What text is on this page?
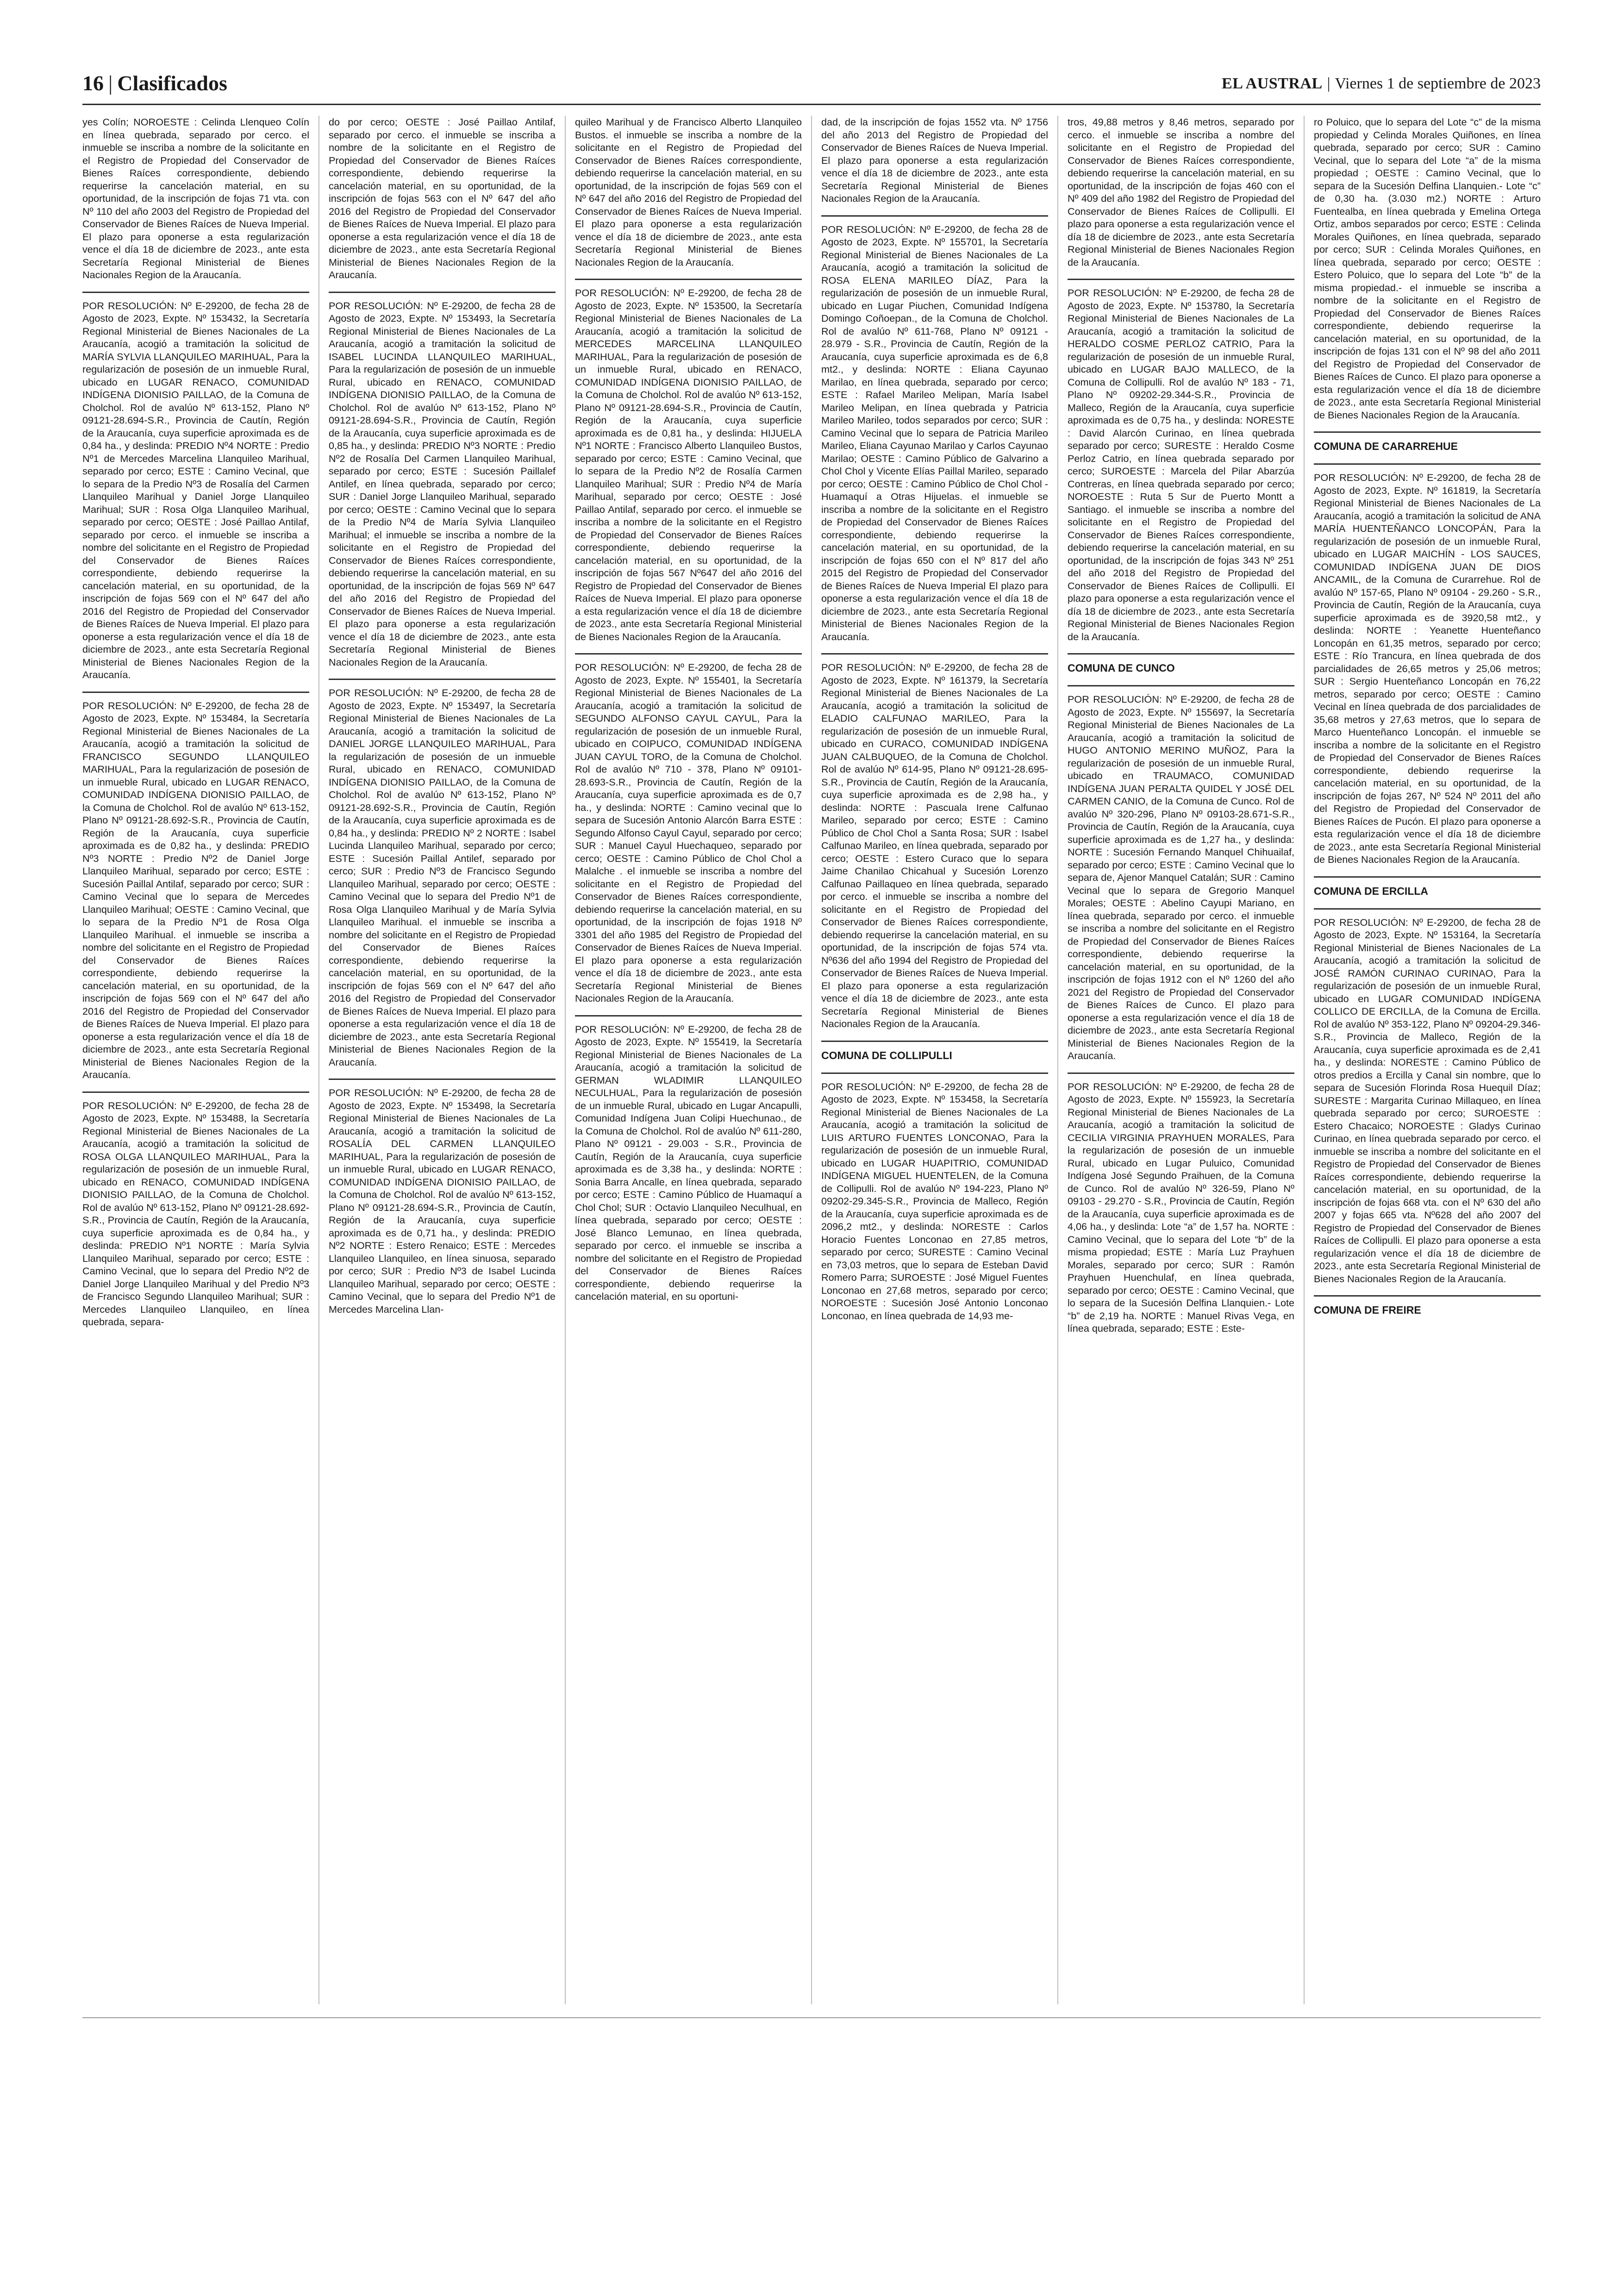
16 | Clasificados	EL AUSTRAL | Viernes 1 de septiembre de 2023

yes Colín; NOROESTE : Celinda Llenqueo Colín en línea quebrada, separado por cerco. el inmueble se inscriba a nombre de la solicitante en el Registro de Propiedad del Conservador de Bienes Raíces correspondiente, debiendo requerirse la cancelación material, en su oportunidad, de la inscripción de fojas 71 vta. con Nº 110 del año 2003 del Registro de Propiedad del Conservador de Bienes Raíces de Nueva Imperial. El plazo para oponerse a esta regularización vence el día 18 de diciembre de 2023., ante esta Secretaría Regional Ministerial de Bienes Nacionales Region de la Araucanía.

POR RESOLUCIÓN: Nº E-29200, de fecha 28 de Agosto de 2023, Expte. Nº 153432, la Secretaría Regional Ministerial de Bienes Nacionales de La Araucanía, acogió a tramitación la solicitud de MARÍA SYLVIA LLANQUILEO MARIHUAL, Para la regularización de posesión de un inmueble Rural, ubicado en LUGAR RENACO, COMUNIDAD INDÍGENA DIONISIO PAILLAO, de la Comuna de Cholchol. Rol de avalúo Nº 613-152, Plano Nº 09121-28.694-S.R., Provincia de Cautín, Región de la Araucanía, cuya superficie aproximada es de 0,84 ha., y deslinda: PREDIO Nº4 NORTE : Predio Nº1 de Mercedes Marcelina Llanquileo Marihual, separado por cerco; ESTE : Camino Vecinal, que lo separa de la Predio Nº3 de Rosalía del Carmen Llanquileo Marihual y Daniel Jorge Llanquileo Marihual; SUR : Rosa Olga Llanquileo Marihual, separado por cerco; OESTE : José Paillao Antilaf, separado por cerco. el inmueble se inscriba a nombre del solicitante en el Registro de Propiedad del Conservador de Bienes Raíces correspondiente, debiendo requerirse la cancelación material, en su oportunidad, de la inscripción de fojas 569 con el Nº 647 del año 2016 del Registro de Propiedad del Conservador de Bienes Raíces de Nueva Imperial. El plazo para oponerse a esta regularización vence el día 18 de diciembre de 2023., ante esta Secretaría Regional Ministerial de Bienes Nacionales Region de la Araucanía.

POR RESOLUCIÓN: Nº E-29200, de fecha 28 de Agosto de 2023, Expte. Nº 153484, la Secretaría Regional Ministerial de Bienes Nacionales de La Araucanía, acogió a tramitación la solicitud de FRANCISCO SEGUNDO LLANQUILEO MARIHUAL, Para la regularización de posesión de un inmueble Rural, ubicado en LUGAR RENACO, COMUNIDAD INDÍGENA DIONISIO PAILLAO, de la Comuna de Cholchol. Rol de avalúo Nº 613-152, Plano Nº 09121-28.692-S.R., Provincia de Cautín, Región de la Araucanía, cuya superficie aproximada es de 0,82 ha., y deslinda: PREDIO Nº3 NORTE : Predio Nº2 de Daniel Jorge Llanquileo Marihual, separado por cerco; ESTE : Sucesión Paillal Antilaf, separado por cerco; SUR : Camino Vecinal que lo separa de Mercedes Llanquileo Marihual; OESTE : Camino Vecinal, que lo separa de la Predio Nº1 de Rosa Olga Llanquileo Marihual. el inmueble se inscriba a nombre del solicitante en el Registro de Propiedad del Conservador de Bienes Raíces correspondiente, debiendo requerirse la cancelación material, en su oportunidad, de la inscripción de fojas 569 con el Nº 647 del año 2016 del Registro de Propiedad del Conservador de Bienes Raíces de Nueva Imperial. El plazo para oponerse a esta regularización vence el día 18 de diciembre de 2023., ante esta Secretaría Regional Ministerial de Bienes Nacionales Region de la Araucanía.

POR RESOLUCIÓN: Nº E-29200, de fecha 28 de Agosto de 2023, Expte. Nº 153488, la Secretaría Regional Ministerial de Bienes Nacionales de La Araucanía, acogió a tramitación la solicitud de ROSA OLGA LLANQUILEO MARIHUAL, Para la regularización de posesión de un inmueble Rural, ubicado en RENACO, COMUNIDAD INDÍGENA DIONISIO PAILLAO, de la Comuna de Cholchol. Rol de avalúo Nº 613-152, Plano Nº 09121-28.692-S.R., Provincia de Cautín, Región de la Araucanía, cuya superficie aproximada es de 0,84 ha., y deslinda: PREDIO Nº1 NORTE : María Sylvia Llanquileo Marihual, separado por cerco; ESTE : Camino Vecinal, que lo separa del Predio Nº2 de Daniel Jorge Llanquileo Marihual y del Predio Nº3 de Francisco Segundo Llanquileo Marihual; SUR : Mercedes Llanquileo Llanquileo, en línea quebrada, separa-

do por cerco; OESTE : José Paillao Antilaf, separado por cerco. el inmueble se inscriba a nombre de la solicitante en el Registro de Propiedad del Conservador de Bienes Raíces correspondiente, debiendo requerirse la cancelación material, en su oportunidad, de la inscripción de fojas 563 con el Nº 647 del año 2016 del Registro de Propiedad del Conservador de Bienes Raíces de Nueva Imperial. El plazo para oponerse a esta regularización vence el día 18 de diciembre de 2023., ante esta Secretaría Regional Ministerial de Bienes Nacionales Region de la Araucanía.

POR RESOLUCIÓN: Nº E-29200, de fecha 28 de Agosto de 2023, Expte. Nº 153493, la Secretaría Regional Ministerial de Bienes Nacionales de La Araucanía, acogió a tramitación la solicitud de ISABEL LUCINDA LLANQUILEO MARIHUAL, Para la regularización de posesión de un inmueble Rural, ubicado en RENACO, COMUNIDAD INDÍGENA DIONISIO PAILLAO, de la Comuna de Cholchol. Rol de avalúo Nº 613-152, Plano Nº 09121-28.694-S.R., Provincia de Cautín, Región de la Araucanía, cuya superficie aproximada es de 0,85 ha., y deslinda: PREDIO Nº3 NORTE : Predio Nº2 de Rosalía Del Carmen Llanquileo Marihual, separado por cerco; ESTE : Sucesión Paillalef Antilef, en línea quebrada, separado por cerco; SUR : Daniel Jorge Llanquileo Marihual, separado por cerco; OESTE : Camino Vecinal que lo separa de la Predio Nº4 de María Sylvia Llanquileo Marihual; el inmueble se inscriba a nombre de la solicitante en el Registro de Propiedad del Conservador de Bienes Raíces correspondiente, debiendo requerirse la cancelación material, en su oportunidad, de la inscripción de fojas 569 Nº 647 del año 2016 del Registro de Propiedad del Conservador de Bienes Raíces de Nueva Imperial. El plazo para oponerse a esta regularización vence el día 18 de diciembre de 2023., ante esta Secretaría Regional Ministerial de Bienes Nacionales Region de la Araucanía.

POR RESOLUCIÓN: Nº E-29200, de fecha 28 de Agosto de 2023, Expte. Nº 153497, la Secretaría Regional Ministerial de Bienes Nacionales de La Araucanía, acogió a tramitación la solicitud de DANIEL JORGE LLANQUILEO MARIHUAL, Para la regularización de posesión de un inmueble Rural, ubicado en RENACO, COMUNIDAD INDÍGENA DIONISIO PAILLAO, de la Comuna de Cholchol. Rol de avalúo Nº 613-152, Plano Nº 09121-28.692-S.R., Provincia de Cautín, Región de la Araucanía, cuya superficie aproximada es de 0,84 ha., y deslinda: PREDIO Nº 2 NORTE : Isabel Lucinda Llanquileo Marihual, separado por cerco; ESTE : Sucesión Paillal Antilef, separado por cerco; SUR : Predio Nº3 de Francisco Segundo Llanquileo Marihual, separado por cerco; OESTE : Camino Vecinal que lo separa del Predio Nº1 de Rosa Olga Llanquileo Marihual y de María Sylvia Llanquileo Marihual. el inmueble se inscriba a nombre del solicitante en el Registro de Propiedad del Conservador de Bienes Raíces correspondiente, debiendo requerirse la cancelación material, en su oportunidad, de la inscripción de fojas 569 con el Nº 647 del año 2016 del Registro de Propiedad del Conservador de Bienes Raíces de Nueva Imperial. El plazo para oponerse a esta regularización vence el día 18 de diciembre de 2023., ante esta Secretaría Regional Ministerial de Bienes Nacionales Region de la Araucanía.

POR RESOLUCIÓN: Nº E-29200, de fecha 28 de Agosto de 2023, Expte. Nº 153498, la Secretaría Regional Ministerial de Bienes Nacionales de La Araucanía, acogió a tramitación la solicitud de ROSALÍA DEL CARMEN LLANQUILEO MARIHUAL, Para la regularización de posesión de un inmueble Rural, ubicado en LUGAR RENACO, COMUNIDAD INDÍGENA DIONISIO PAILLAO, de la Comuna de Cholchol. Rol de avalúo Nº 613-152, Plano Nº 09121-28.694-S.R., Provincia de Cautín, Región de la Araucanía, cuya superficie aproximada es de 0,71 ha., y deslinda: PREDIO Nº2 NORTE : Estero Renaico; ESTE : Mercedes Llanquileo Llanquileo, en línea sinuosa, separado por cerco; SUR : Predio Nº3 de Isabel Lucinda Llanquileo Marihual, separado por cerco; OESTE : Camino Vecinal, que lo separa del Predio Nº1 de Mercedes Marcelina Llan-

quileo Marihual y de Francisco Alberto Llanquileo Bustos. el inmueble se inscriba a nombre de la solicitante en el Registro de Propiedad del Conservador de Bienes Raíces correspondiente, debiendo requerirse la cancelación material, en su oportunidad, de la inscripción de fojas 569 con el Nº 647 del año 2016 del Registro de Propiedad del Conservador de Bienes Raíces de Nueva Imperial. El plazo para oponerse a esta regularización vence el día 18 de diciembre de 2023., ante esta Secretaría Regional Ministerial de Bienes Nacionales Region de la Araucanía.

POR RESOLUCIÓN: Nº E-29200, de fecha 28 de Agosto de 2023, Expte. Nº 153500, la Secretaría Regional Ministerial de Bienes Nacionales de La Araucanía, acogió a tramitación la solicitud de MERCEDES MARCELINA LLANQUILEO MARIHUAL, Para la regularización de posesión de un inmueble Rural, ubicado en RENACO, COMUNIDAD INDÍGENA DIONISIO PAILLAO, de la Comuna de Cholchol. Rol de avalúo Nº 613-152, Plano Nº 09121-28.694-S.R., Provincia de Cautín, Región de la Araucanía, cuya superficie aproximada es de 0,81 ha., y deslinda: HIJUELA Nº1 NORTE : Francisco Alberto Llanquileo Bustos, separado por cerco; ESTE : Camino Vecinal, que lo separa de la Predio Nº2 de Rosalía Carmen Llanquileo Marihual; SUR : Predio Nº4 de María Marihual, separado por cerco; OESTE : José Paillao Antilaf, separado por cerco. el inmueble se inscriba a nombre de la solicitante en el Registro de Propiedad del Conservador de Bienes Raíces correspondiente, debiendo requerirse la cancelación material, en su oportunidad, de la inscripción de fojas 567 Nº647 del año 2016 del Registro de Propiedad del Conservador de Bienes Raíces de Nueva Imperial. El plazo para oponerse a esta regularización vence el día 18 de diciembre de 2023., ante esta Secretaría Regional Ministerial de Bienes Nacionales Region de la Araucanía.

POR RESOLUCIÓN: Nº E-29200, de fecha 28 de Agosto de 2023, Expte. Nº 155401, la Secretaría Regional Ministerial de Bienes Nacionales de La Araucanía, acogió a tramitación la solicitud de SEGUNDO ALFONSO CAYUL CAYUL, Para la regularización de posesión de un inmueble Rural, ubicado en COIPUCO, COMUNIDAD INDÍGENA JUAN CAYUL TORO, de la Comuna de Cholchol. Rol de avalúo Nº 710 - 378, Plano Nº 09101-28.693-S.R., Provincia de Cautín, Región de la Araucanía, cuya superficie aproximada es de 0,7 ha., y deslinda: NORTE : Camino vecinal que lo separa de Sucesión Antonio Alarcón Barra ESTE : Segundo Alfonso Cayul Cayul, separado por cerco; SUR : Manuel Cayul Huechaqueo, separado por cerco; OESTE : Camino Público de Chol Chol a Malalche . el inmueble se inscriba a nombre del solicitante en el Registro de Propiedad del Conservador de Bienes Raíces correspondiente, debiendo requerirse la cancelación material, en su oportunidad, de la inscripción de fojas 1918 Nº 3301 del año 1985 del Registro de Propiedad del Conservador de Bienes Raíces de Nueva Imperial. El plazo para oponerse a esta regularización vence el día 18 de diciembre de 2023., ante esta Secretaría Regional Ministerial de Bienes Nacionales Region de la Araucanía.

POR RESOLUCIÓN: Nº E-29200, de fecha 28 de Agosto de 2023, Expte. Nº 155419, la Secretaría Regional Ministerial de Bienes Nacionales de La Araucanía, acogió a tramitación la solicitud de GERMAN WLADIMIR LLANQUILEO NECULHUAL, Para la regularización de posesión de un inmueble Rural, ubicado en Lugar Ancapulli, Comunidad Indígena Juan Colipi Huechunao., de la Comuna de Cholchol. Rol de avalúo Nº 611-280, Plano Nº 09121 - 29.003 - S.R., Provincia de Cautín, Región de la Araucanía, cuya superficie aproximada es de 3,38 ha., y deslinda: NORTE : Sonia Barra Ancalle, en línea quebrada, separado por cerco; ESTE : Camino Público de Huamaquí a Chol Chol; SUR : Octavio Llanquileo Neculhual, en línea quebrada, separado por cerco; OESTE : José Blanco Lemunao, en línea quebrada, separado por cerco. el inmueble se inscriba a nombre del solicitante en el Registro de Propiedad del Conservador de Bienes Raíces correspondiente, debiendo requerirse la cancelación material, en su oportuni-

dad, de la inscripción de fojas 1552 vta. Nº 1756 del año 2013 del Registro de Propiedad del Conservador de Bienes Raíces de Nueva Imperial. El plazo para oponerse a esta regularización vence el día 18 de diciembre de 2023., ante esta Secretaría Regional Ministerial de Bienes Nacionales Region de la Araucanía.

POR RESOLUCIÓN: Nº E-29200, de fecha 28 de Agosto de 2023, Expte. Nº 155701, la Secretaría Regional Ministerial de Bienes Nacionales de La Araucanía, acogió a tramitación la solicitud de ROSA ELENA MARILEO DÍAZ, Para la regularización de posesión de un inmueble Rural, ubicado en Lugar Piuchen, Comunidad Indígena Domingo Coñoepan., de la Comuna de Cholchol. Rol de avalúo Nº 611-768, Plano Nº 09121 - 28.979 - S.R., Provincia de Cautín, Región de la Araucanía, cuya superficie aproximada es de 6,8 mt2., y deslinda: NORTE : Eliana Cayunao Marilao, en línea quebrada, separado por cerco; ESTE : Rafael Marileo Melipan, María Isabel Marileo Melipan, en línea quebrada y Patricia Marileo Marileo, todos separados por cerco; SUR : Camino Vecinal que lo separa de Patricia Marileo Marileo, Eliana Cayunao Marilao y Carlos Cayunao Marilao; OESTE : Camino Público de Galvarino a Chol Chol y Vicente Elías Paillal Marileo, separado por cerco; OESTE : Camino Público de Chol Chol - Huamaquí a Otras Hijuelas. el inmueble se inscriba a nombre de la solicitante en el Registro de Propiedad del Conservador de Bienes Raíces correspondiente, debiendo requerirse la cancelación material, en su oportunidad, de la inscripción de fojas 650 con el Nº 817 del año 2015 del Registro de Propiedad del Conservador de Bienes Raíces de Nueva Imperial El plazo para oponerse a esta regularización vence el día 18 de diciembre de 2023., ante esta Secretaría Regional Ministerial de Bienes Nacionales Region de la Araucanía.

POR RESOLUCIÓN: Nº E-29200, de fecha 28 de Agosto de 2023, Expte. Nº 161379, la Secretaría Regional Ministerial de Bienes Nacionales de La Araucanía, acogió a tramitación la solicitud de ELADIO CALFUNAO MARILEO, Para la regularización de posesión de un inmueble Rural, ubicado en CURACO, COMUNIDAD INDÍGENA JUAN CALBUQUEO, de la Comuna de Cholchol. Rol de avalúo Nº 614-95, Plano Nº 09121-28.695-S.R., Provincia de Cautín, Región de la Araucanía, cuya superficie aproximada es de 2,98 ha., y deslinda: NORTE : Pascuala Irene Calfunao Marileo, separado por cerco; ESTE : Camino Público de Chol Chol a Santa Rosa; SUR : Isabel Calfunao Marileo, en línea quebrada, separado por cerco; OESTE : Estero Curaco que lo separa Jaime Chanilao Chicahual y Sucesión Lorenzo Calfunao Paillaqueo en línea quebrada, separado por cerco. el inmueble se inscriba a nombre del solicitante en el Registro de Propiedad del Conservador de Bienes Raíces correspondiente, debiendo requerirse la cancelación material, en su oportunidad, de la inscripción de fojas 574 vta. Nº636 del año 1994 del Registro de Propiedad del Conservador de Bienes Raíces de Nueva Imperial. El plazo para oponerse a esta regularización vence el día 18 de diciembre de 2023., ante esta Secretaría Regional Ministerial de Bienes Nacionales Region de la Araucanía.

COMUNA DE COLLIPULLI

POR RESOLUCIÓN: Nº E-29200, de fecha 28 de Agosto de 2023, Expte. Nº 153458, la Secretaría Regional Ministerial de Bienes Nacionales de La Araucanía, acogió a tramitación la solicitud de LUIS ARTURO FUENTES LONCONAO, Para la regularización de posesión de un inmueble Rural, ubicado en LUGAR HUAPITRIO, COMUNIDAD INDÍGENA MIGUEL HUENTELEN, de la Comuna de Collipulli. Rol de avalúo Nº 194-223, Plano Nº 09202-29.345-S.R., Provincia de Malleco, Región de la Araucanía, cuya superficie aproximada es de 2096,2 mt2., y deslinda: NORESTE : Carlos Horacio Fuentes Lonconao en 27,85 metros, separado por cerco; SURESTE : Camino Vecinal en 73,03 metros, que lo separa de Esteban David Romero Parra; SUROESTE : José Miguel Fuentes Lonconao en 27,68 metros, separado por cerco; NOROESTE : Sucesión José Antonio Lonconao Lonconao, en línea quebrada de 14,93 me-

tros, 49,88 metros y 8,46 metros, separado por cerco. el inmueble se inscriba a nombre del solicitante en el Registro de Propiedad del Conservador de Bienes Raíces correspondiente, debiendo requerirse la cancelación material, en su oportunidad, de la inscripción de fojas 460 con el Nº 409 del año 1982 del Registro de Propiedad del Conservador de Bienes Raíces de Collipulli. El plazo para oponerse a esta regularización vence el día 18 de diciembre de 2023., ante esta Secretaría Regional Ministerial de Bienes Nacionales Region de la Araucanía.

POR RESOLUCIÓN: Nº E-29200, de fecha 28 de Agosto de 2023, Expte. Nº 153780, la Secretaría Regional Ministerial de Bienes Nacionales de La Araucanía, acogió a tramitación la solicitud de HERALDO COSME PERLOZ CATRIO, Para la regularización de posesión de un inmueble Rural, ubicado en LUGAR BAJO MALLECO, de la Comuna de Collipulli. Rol de avalúo Nº 183 - 71, Plano Nº 09202-29.344-S.R., Provincia de Malleco, Región de la Araucanía, cuya superficie aproximada es de 0,75 ha., y deslinda: NORESTE : David Alarcón Curinao, en línea quebrada separado por cerco; SURESTE : Heraldo Cosme Perloz Catrio, en línea quebrada separado por cerco; SUROESTE : Marcela del Pilar Abarzúa Contreras, en línea quebrada separado por cerco; NOROESTE : Ruta 5 Sur de Puerto Montt a Santiago. el inmueble se inscriba a nombre del solicitante en el Registro de Propiedad del Conservador de Bienes Raíces correspondiente, debiendo requerirse la cancelación material, en su oportunidad, de la inscripción de fojas 343 Nº 251 del año 2018 del Registro de Propiedad del Conservador de Bienes Raíces de Collipulli. El plazo para oponerse a esta regularización vence el día 18 de diciembre de 2023., ante esta Secretaría Regional Ministerial de Bienes Nacionales Region de la Araucanía.

COMUNA DE CUNCO

POR RESOLUCIÓN: Nº E-29200, de fecha 28 de Agosto de 2023, Expte. Nº 155697, la Secretaría Regional Ministerial de Bienes Nacionales de La Araucanía, acogió a tramitación la solicitud de HUGO ANTONIO MERINO MUÑOZ, Para la regularización de posesión de un inmueble Rural, ubicado en TRAUMACO, COMUNIDAD INDÍGENA JUAN PERALTA QUIDEL Y JOSÉ DEL CARMEN CANIO, de la Comuna de Cunco. Rol de avalúo Nº 320-296, Plano Nº 09103-28.671-S.R., Provincia de Cautín, Región de la Araucanía, cuya superficie aproximada es de 1,27 ha., y deslinda: NORTE : Sucesión Fernando Manquel Chihuailaf, separado por cerco; ESTE : Camino Vecinal que lo separa de, Ajenor Manquel Catalán; SUR : Camino Vecinal que lo separa de Gregorio Manquel Morales; OESTE : Abelino Cayupi Mariano, en línea quebrada, separado por cerco. el inmueble se inscriba a nombre del solicitante en el Registro de Propiedad del Conservador de Bienes Raíces correspondiente, debiendo requerirse la cancelación material, en su oportunidad, de la inscripción de fojas 1912 con el Nº 1260 del año 2021 del Registro de Propiedad del Conservador de Bienes Raíces de Cunco. El plazo para oponerse a esta regularización vence el día 18 de diciembre de 2023., ante esta Secretaría Regional Ministerial de Bienes Nacionales Region de la Araucanía.

POR RESOLUCIÓN: Nº E-29200, de fecha 28 de Agosto de 2023, Expte. Nº 155923, la Secretaría Regional Ministerial de Bienes Nacionales de La Araucanía, acogió a tramitación la solicitud de CECILIA VIRGINIA PRAYHUEN MORALES, Para la regularización de posesión de un inmueble Rural, ubicado en Lugar Puluico, Comunidad Indígena José Segundo Praihuen, de la Comuna de Cunco. Rol de avalúo Nº 326-59, Plano Nº 09103 - 29.270 - S.R., Provincia de Cautín, Región de la Araucanía, cuya superficie aproximada es de 4,06 ha., y deslinda: Lote “a” de 1,57 ha. NORTE : Camino Vecinal, que lo separa del Lote “b” de la misma propiedad; ESTE : María Luz Prayhuen Morales, separado por cerco; SUR : Ramón Prayhuen Huenchulaf, en línea quebrada, separado por cerco; OESTE : Camino Vecinal, que lo separa de la Sucesión Delfina Llanquien.- Lote “b” de 2,19 ha. NORTE : Manuel Rivas Vega, en línea quebrada, separado; ESTE : Este-

ro Poluico, que lo separa del Lote “c” de la misma propiedad y Celinda Morales Quiñones, en línea quebrada, separado por cerco; SUR : Camino Vecinal, que lo separa del Lote “a” de la misma propiedad ; OESTE : Camino Vecinal, que lo separa de la Sucesión Delfina Llanquien.- Lote “c” de 0,30 ha. (3.030 m2.) NORTE : Arturo Fuentealba, en línea quebrada y Emelina Ortega Ortiz, ambos separados por cerco; ESTE : Celinda Morales Quiñones, en línea quebrada, separado por cerco; SUR : Celinda Morales Quiñones, en línea quebrada, separado por cerco; OESTE : Estero Poluico, que lo separa del Lote “b” de la misma propiedad.- el inmueble se inscriba a nombre de la solicitante en el Registro de Propiedad del Conservador de Bienes Raíces correspondiente, debiendo requerirse la cancelación material, en su oportunidad, de la inscripción de fojas 131 con el Nº 98 del año 2011 del Registro de Propiedad del Conservador de Bienes Raíces de Cunco. El plazo para oponerse a esta regularización vence el día 18 de diciembre de 2023., ante esta Secretaría Regional Ministerial de Bienes Nacionales Region de la Araucanía.

COMUNA DE CARARREHUE

POR RESOLUCIÓN: Nº E-29200, de fecha 28 de Agosto de 2023, Expte. Nº 161819, la Secretaría Regional Ministerial de Bienes Nacionales de La Araucanía, acogió a tramitación la solicitud de ANA MARÍA HUENTEÑANCO LONCOPÁN, Para la regularización de posesión de un inmueble Rural, ubicado en LUGAR MAICHÍN - LOS SAUCES, COMUNIDAD INDÍGENA JUAN DE DIOS ANCAMIL, de la Comuna de Curarrehue. Rol de avalúo Nº 157-65, Plano Nº 09104 - 29.260 - S.R., Provincia de Cautín, Región de la Araucanía, cuya superficie aproximada es de 3920,58 mt2., y deslinda: NORTE : Yeanette Huenteñanco Loncopán en 61,35 metros, separado por cerco; ESTE : Río Trancura, en línea quebrada de dos parcialidades de 26,65 metros y 25,06 metros; SUR : Sergio Huenteñanco Loncopán en 76,22 metros, separado por cerco; OESTE : Camino Vecinal en línea quebrada de dos parcialidades de 35,68 metros y 27,63 metros, que lo separa de Marco Huenteñanco Loncopán. el inmueble se inscriba a nombre de la solicitante en el Registro de Propiedad del Conservador de Bienes Raíces correspondiente, debiendo requerirse la cancelación material, en su oportunidad, de la inscripción de fojas 267, Nº 524 Nº 2011 del año del Registro de Propiedad del Conservador de Bienes Raíces de Pucón. El plazo para oponerse a esta regularización vence el día 18 de diciembre de 2023., ante esta Secretaría Regional Ministerial de Bienes Nacionales Region de la Araucanía.

COMUNA DE ERCILLA

POR RESOLUCIÓN: Nº E-29200, de fecha 28 de Agosto de 2023, Expte. Nº 153164, la Secretaría Regional Ministerial de Bienes Nacionales de La Araucanía, acogió a tramitación la solicitud de JOSÉ RAMÓN CURINAO CURINAO, Para la regularización de posesión de un inmueble Rural, ubicado en LUGAR COMUNIDAD INDÍGENA COLLICO DE ERCILLA, de la Comuna de Ercilla. Rol de avalúo Nº 353-122, Plano Nº 09204-29.346-S.R., Provincia de Malleco, Región de la Araucanía, cuya superficie aproximada es de 2,41 ha., y deslinda: NORESTE : Camino Público de otros predios a Ercilla y Canal sin nombre, que lo separa de Sucesión Florinda Rosa Huequil Díaz; SURESTE : Margarita Curinao Millaqueo, en línea quebrada separado por cerco; SUROESTE : Estero Chacaico; NOROESTE : Gladys Curinao Curinao, en línea quebrada separado por cerco. el inmueble se inscriba a nombre del solicitante en el Registro de Propiedad del Conservador de Bienes Raíces correspondiente, debiendo requerirse la cancelación material, en su oportunidad, de la inscripción de fojas 668 vta. con el Nº 630 del año 2007 y fojas 665 vta. Nº628 del año 2007 del Registro de Propiedad del Conservador de Bienes Raíces de Collipulli. El plazo para oponerse a esta regularización vence el día 18 de diciembre de 2023., ante esta Secretaría Regional Ministerial de Bienes Nacionales Region de la Araucanía.

COMUNA DE FREIRE
